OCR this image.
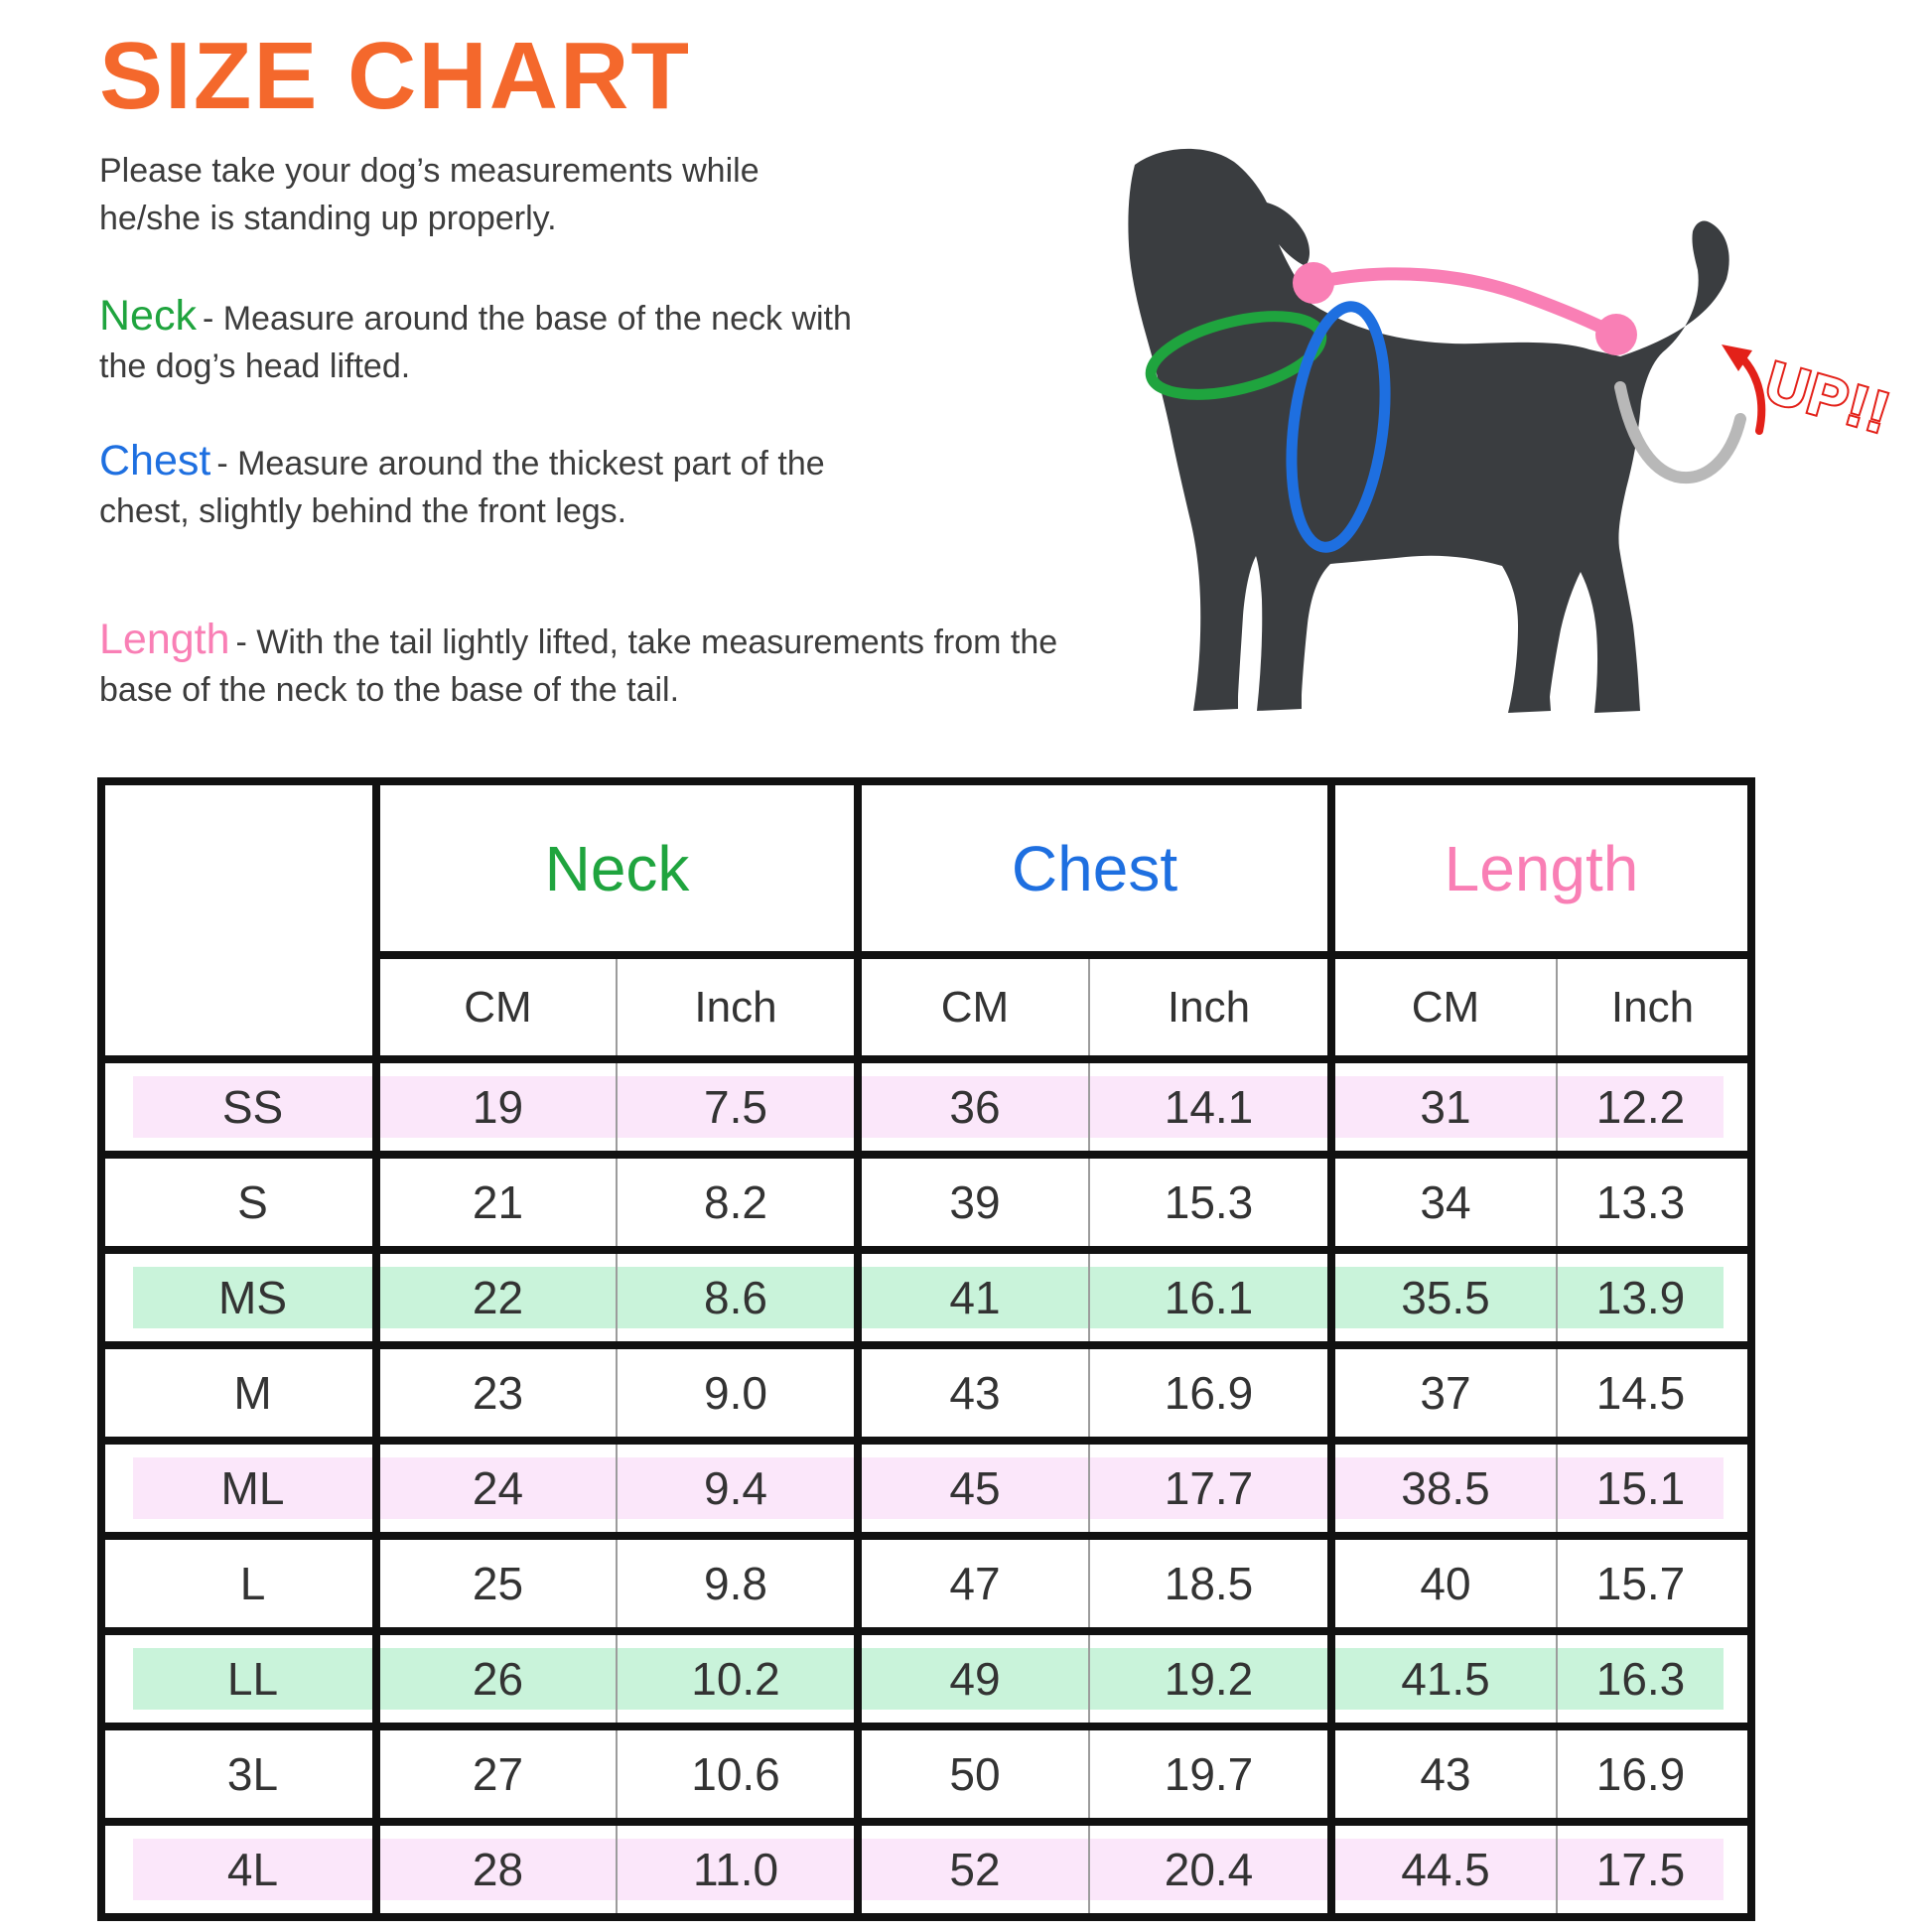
SIZE CHART
Please take your dog’s measurements while he/she is standing up properly.
Neck - Measure around the base of the neck with the dog’s head lifted.
Chest - Measure around the thickest part of the chest, slightly behind the front legs.
Length - With the tail lightly lifted, take measurements from the base of the neck to the base of the tail.
UP!!
	Neck		Chest		Length	
	CM	Inch	CM	Inch	CM	Inch

SS	19	7.5	36	14.1	31	12.2

S	21	8.2	39	15.3	34	13.3

MS	22	8.6	41	16.1	35.5	13.9

M	23	9.0	43	16.9	37	14.5

ML	24	9.4	45	17.7	38.5	15.1

L	25	9.8	47	18.5	40	15.7

LL	26	10.2	49	19.2	41.5	16.3

3L	27	10.6	50	19.7	43	16.9

4L	28	11.0	52	20.4	44.5	17.5
